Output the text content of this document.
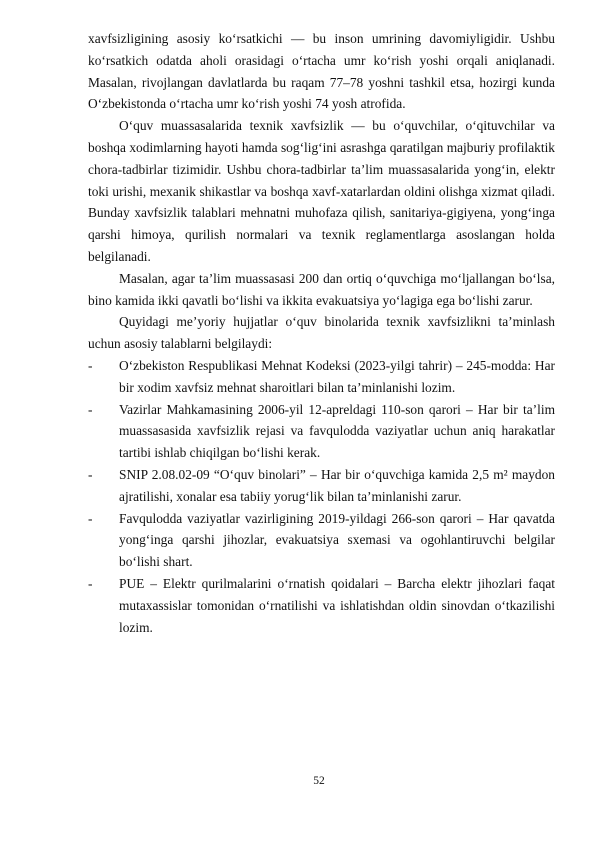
xavfsizligining asosiy ko‘rsatkichi — bu inson umrining davomiyligidir. Ushbu ko‘rsatkich odatda aholi orasidagi o‘rtacha umr ko‘rish yoshi orqali aniqlanadi. Masalan, rivojlangan davlatlarda bu raqam 77–78 yoshni tashkil etsa, hozirgi kunda O‘zbekistonda o‘rtacha umr ko‘rish yoshi 74 yosh atrofida.

O‘quv muassasalarida texnik xavfsizlik — bu o‘quvchilar, o‘qituvchilar va boshqa xodimlarning hayoti hamda sog‘lig‘ini asrashga qaratilgan majburiy profilaktik chora-tadbirlar tizimidir. Ushbu chora-tadbirlar ta’lim muassasalarida yong‘in, elektr toki urishi, mexanik shikastlar va boshqa xavf-xatarlardan oldini olishga xizmat qiladi. Bunday xavfsizlik talablari mehnatni muhofaza qilish, sanitariya-gigiyena, yong‘inga qarshi himoya, qurilish normalari va texnik reglamentlarga asoslangan holda belgilanadi.

Masalan, agar ta’lim muassasasi 200 dan ortiq o‘quvchiga mo‘ljallangan bo‘lsa, bino kamida ikki qavatli bo‘lishi va ikkita evakuatsiya yo‘lagiga ega bo‘lishi zarur.

Quyidagi me’yoriy hujjatlar o‘quv binolarida texnik xavfsizlikni ta’minlash uchun asosiy talablarni belgilaydi:

-	O‘zbekiston Respublikasi Mehnat Kodeksi (2023-yilgi tahrir) – 245-modda: Har bir xodim xavfsiz mehnat sharoitlari bilan ta’minlanishi lozim.
-	Vazirlar Mahkamasining 2006-yil 12-apreldagi 110-son qarori – Har bir ta’lim muassasasida xavfsizlik rejasi va favqulodda vaziyatlar uchun aniq harakatlar tartibi ishlab chiqilgan bo‘lishi kerak.
-	SNIP 2.08.02-09 “O‘quv binolari” – Har bir o‘quvchiga kamida 2,5 m² maydon ajratilishi, xonalar esa tabiiy yorug‘lik bilan ta’minlanishi zarur.
-	Favqulodda vaziyatlar vazirligining 2019-yildagi 266-son qarori – Har qavatda yong‘inga qarshi jihozlar, evakuatsiya sxemasi va ogohlantiruvchi belgilar bo‘lishi shart.
-	PUE – Elektr qurilmalarini o‘rnatish qoidalari – Barcha elektr jihozlari faqat mutaxassislar tomonidan o‘rnatilishi va ishlatishdan oldin sinovdan o‘tkazilishi lozim.
52
